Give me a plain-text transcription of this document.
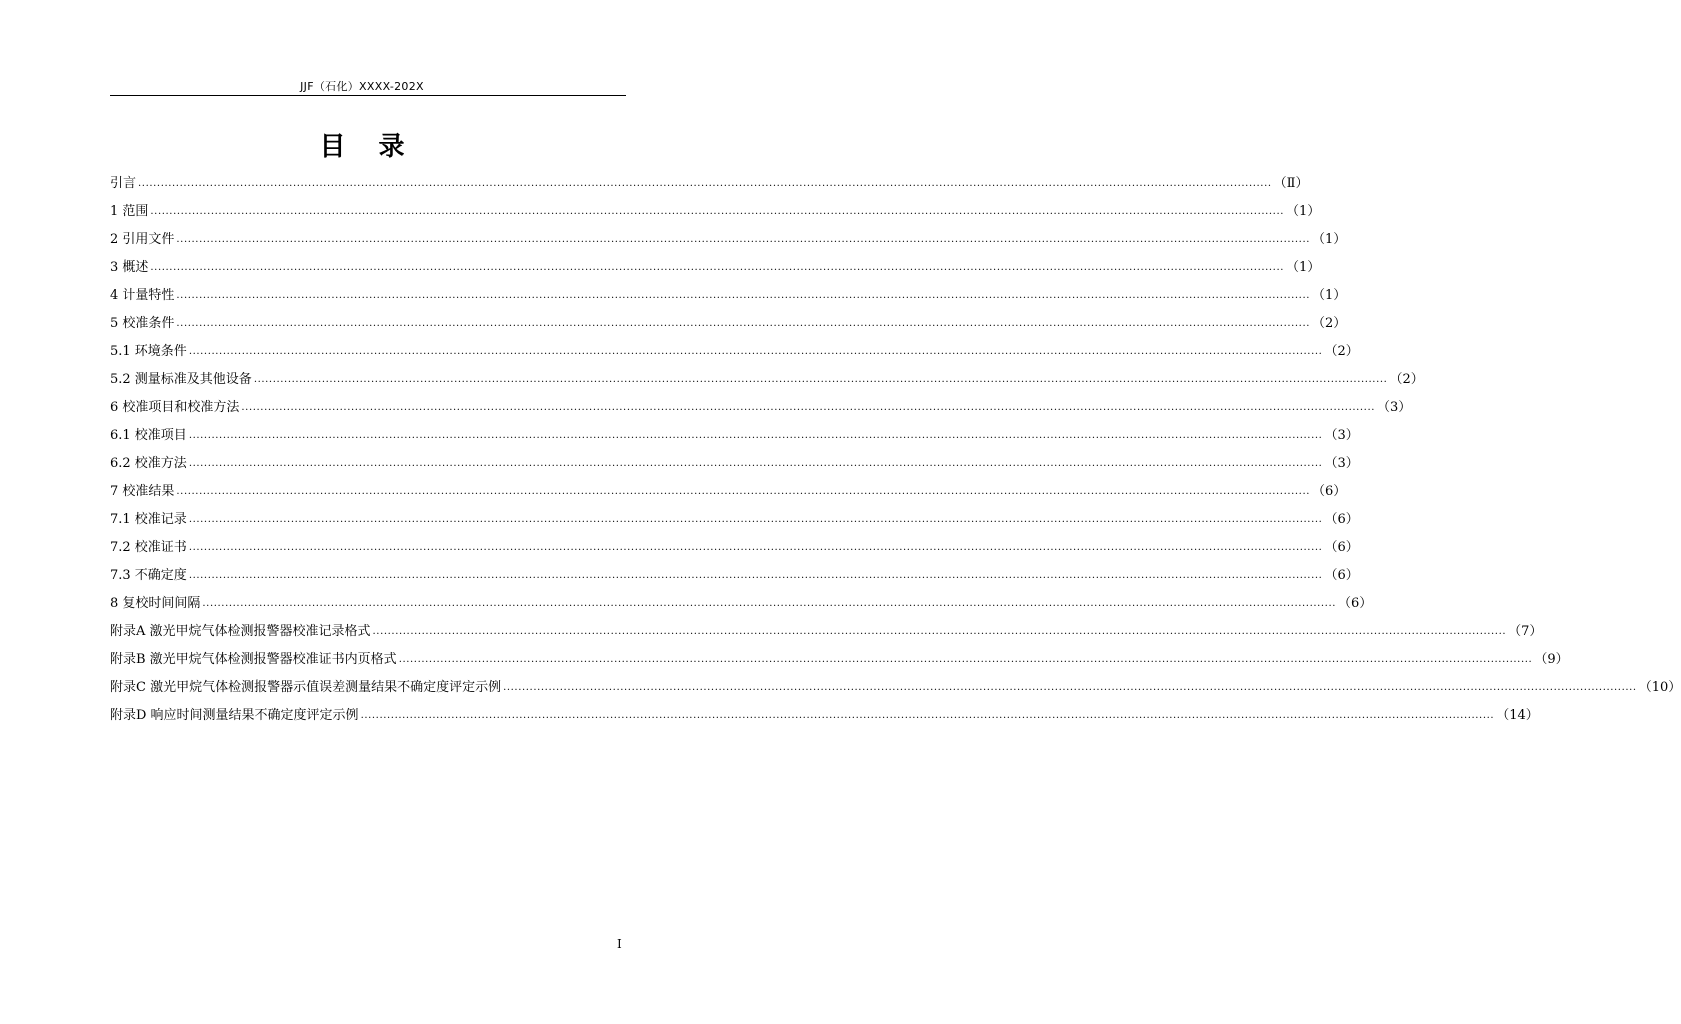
JJF（石化）XXXX-202X
目 录
引言 ............................................................................................................................................................................................................................................................................................................ （Ⅱ）
1 范围 ............................................................................................................................................................................................................................................................................................................ （1）
2 引用文件 ............................................................................................................................................................................................................................................................................................................ （1）
3 概述 ............................................................................................................................................................................................................................................................................................................ （1）
4 计量特性 ............................................................................................................................................................................................................................................................................................................ （1）
5 校准条件 ............................................................................................................................................................................................................................................................................................................ （2）
5.1 环境条件 ............................................................................................................................................................................................................................................................................................................ （2）
5.2 测量标准及其他设备 ............................................................................................................................................................................................................................................................................................................ （2）
6 校准项目和校准方法 ............................................................................................................................................................................................................................................................................................................ （3）
6.1 校准项目 ............................................................................................................................................................................................................................................................................................................ （3）
6.2 校准方法 ............................................................................................................................................................................................................................................................................................................ （3）
7 校准结果 ............................................................................................................................................................................................................................................................................................................ （6）
7.1 校准记录 ............................................................................................................................................................................................................................................................................................................ （6）
7.2 校准证书 ............................................................................................................................................................................................................................................................................................................ （6）
7.3 不确定度 ............................................................................................................................................................................................................................................................................................................ （6）
8 复校时间间隔 ............................................................................................................................................................................................................................................................................................................ （6）
附录A 激光甲烷气体检测报警器校准记录格式 ............................................................................................................................................................................................................................................................................................................ （7）
附录B 激光甲烷气体检测报警器校准证书内页格式 ............................................................................................................................................................................................................................................................................................................ （9）
附录C 激光甲烷气体检测报警器示值误差测量结果不确定度评定示例 ............................................................................................................................................................................................................................................................................................................ （10）
附录D 响应时间测量结果不确定度评定示例 ............................................................................................................................................................................................................................................................................................................ （14）
I
